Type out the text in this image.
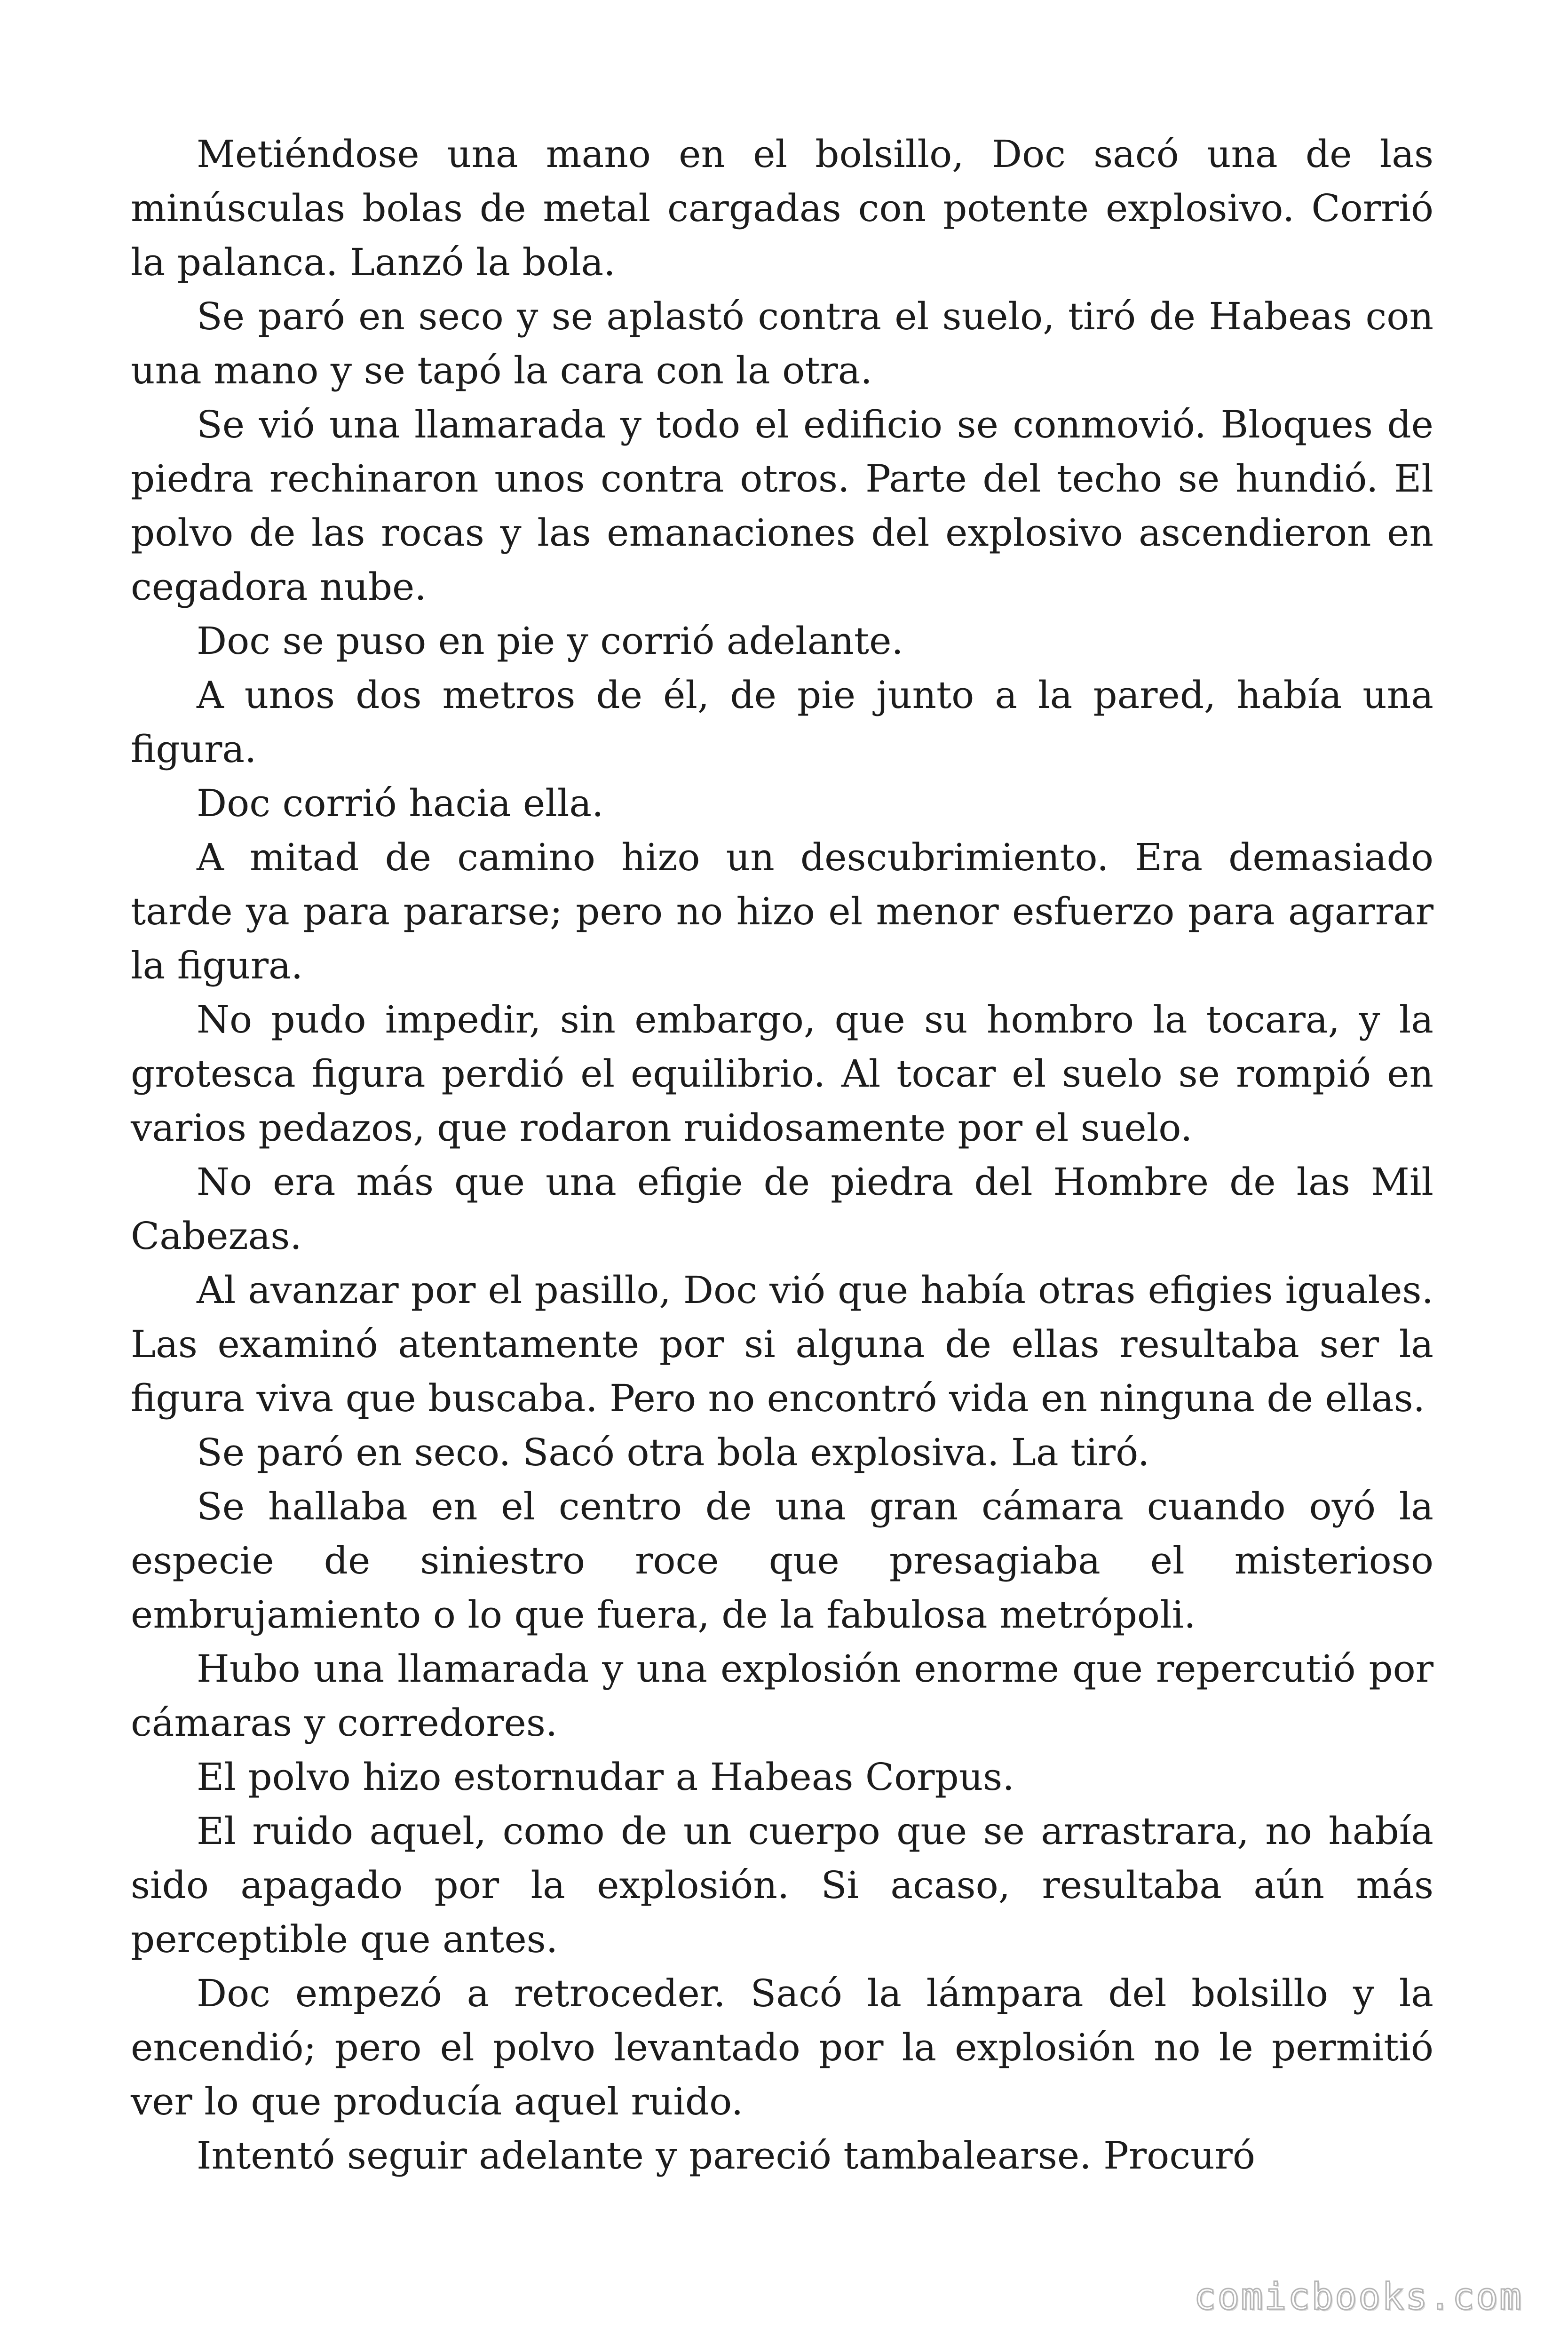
Metiéndose una mano en el bolsillo, Doc sacó una de las minúsculas bolas de metal cargadas con potente explosivo. Corrió la palanca. Lanzó la bola.

Se paró en seco y se aplastó contra el suelo, tiró de Habeas con una mano y se tapó la cara con la otra.

Se vió una llamarada y todo el edificio se conmovió. Bloques de piedra rechinaron unos contra otros. Parte del techo se hundió. El polvo de las rocas y las emanaciones del explosivo ascendieron en cegadora nube.

Doc se puso en pie y corrió adelante.

A unos dos metros de él, de pie junto a la pared, había una figura.

Doc corrió hacia ella.

A mitad de camino hizo un descubrimiento. Era demasiado tarde ya para pararse; pero no hizo el menor esfuerzo para agarrar la figura.

No pudo impedir, sin embargo, que su hombro la tocara, y la grotesca figura perdió el equilibrio. Al tocar el suelo se rompió en varios pedazos, que rodaron ruidosamente por el suelo.

No era más que una efigie de piedra del Hombre de las Mil Cabezas.

Al avanzar por el pasillo, Doc vió que había otras efigies iguales. Las examinó atentamente por si alguna de ellas resultaba ser la figura viva que buscaba. Pero no encontró vida en ninguna de ellas.

Se paró en seco. Sacó otra bola explosiva. La tiró.

Se hallaba en el centro de una gran cámara cuando oyó la especie de siniestro roce que presagiaba el misterioso embrujamiento o lo que fuera, de la fabulosa metrópoli.

Hubo una llamarada y una explosión enorme que repercutió por cámaras y corredores.

El polvo hizo estornudar a Habeas Corpus.

El ruido aquel, como de un cuerpo que se arrastrara, no había sido apagado por la explosión. Si acaso, resultaba aún más perceptible que antes.

Doc empezó a retroceder. Sacó la lámpara del bolsillo y la encendió; pero el polvo levantado por la explosión no le permitió ver lo que producía aquel ruido.

Intentó seguir adelante y pareció tambalearse. Procuró

comicbooks.com
